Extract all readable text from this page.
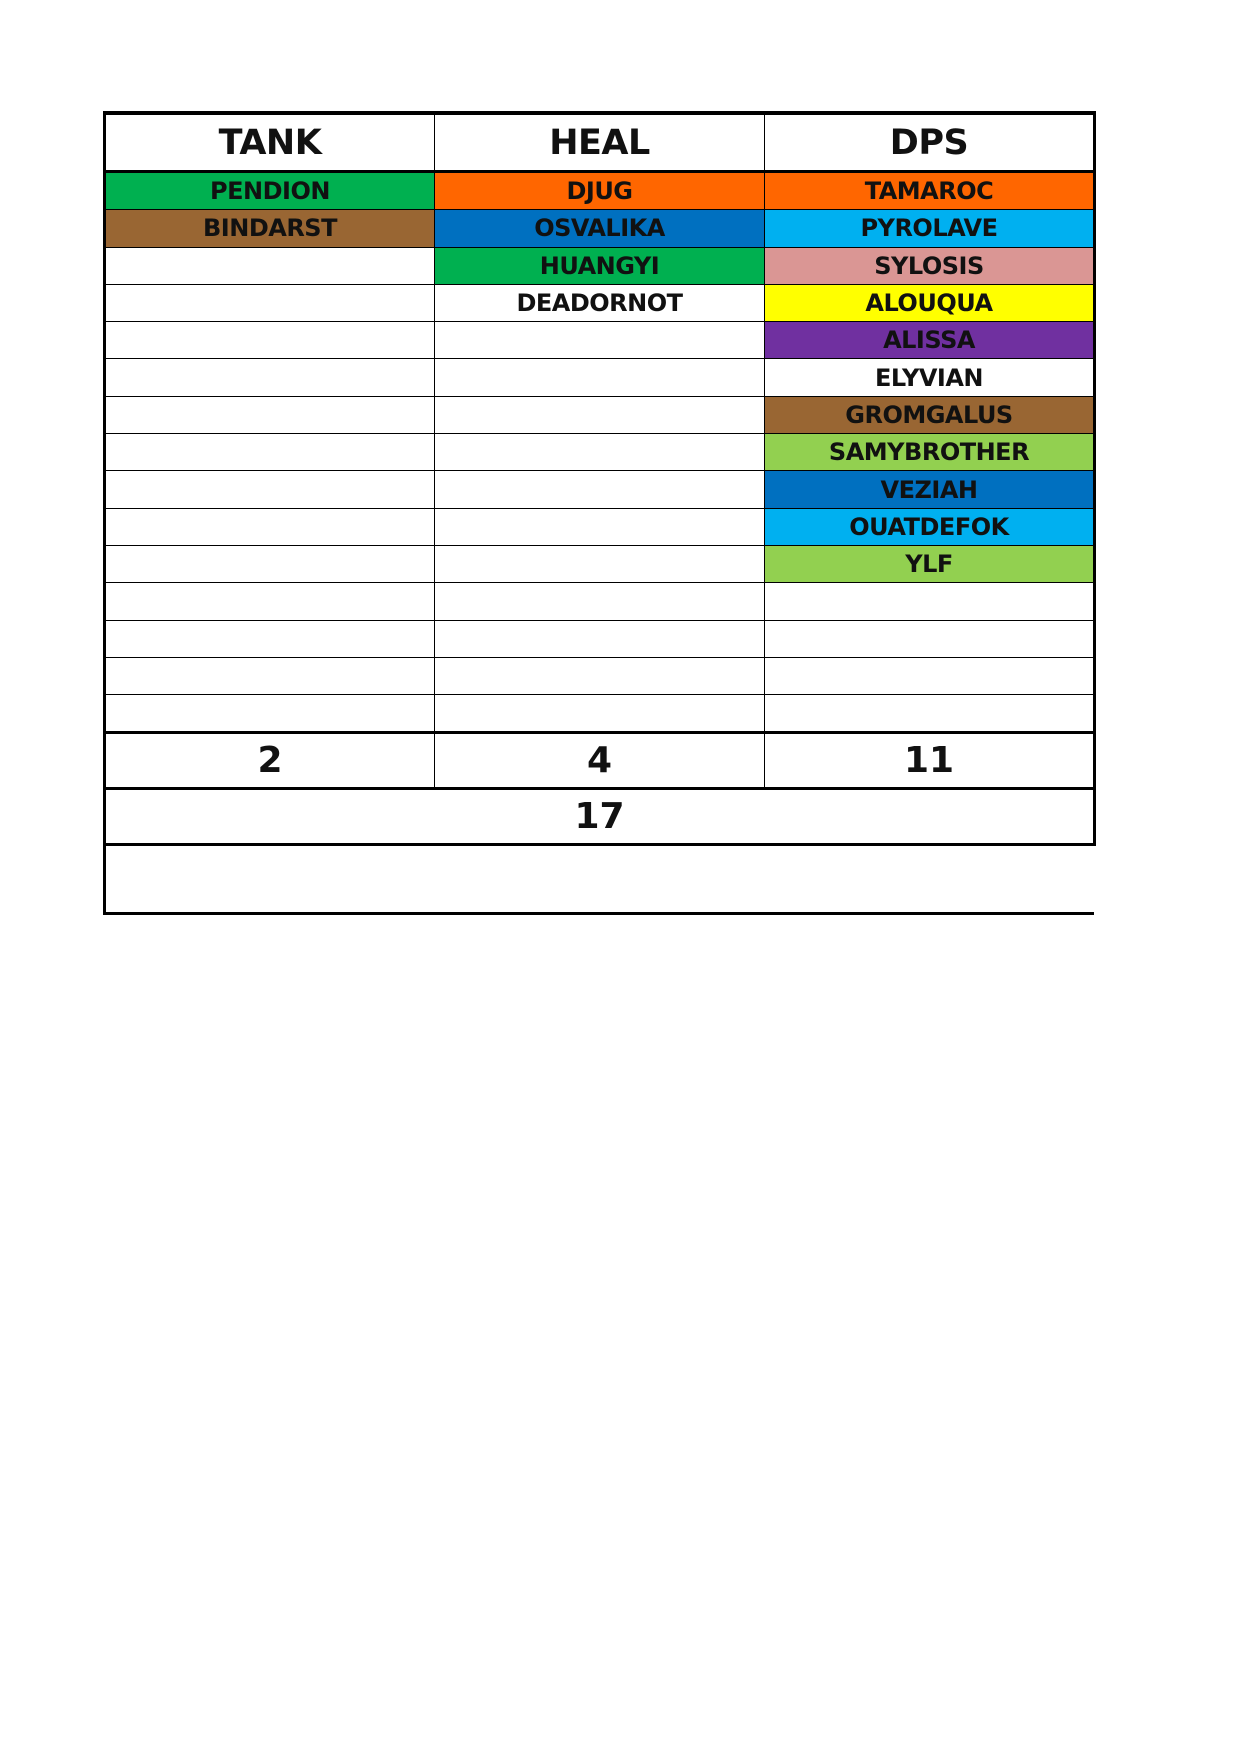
TANK	HEAL	DPS
PENDION	DJUG	TAMAROC
BINDARST	OSVALIKA	PYROLAVE
	HUANGYI	SYLOSIS
	DEADORNOT	ALOUQUA
		ALISSA
		ELYVIAN
		GROMGALUS
		SAMYBROTHER
		VEZIAH
		OUATDEFOK
		YLF

2	4	11
17		
